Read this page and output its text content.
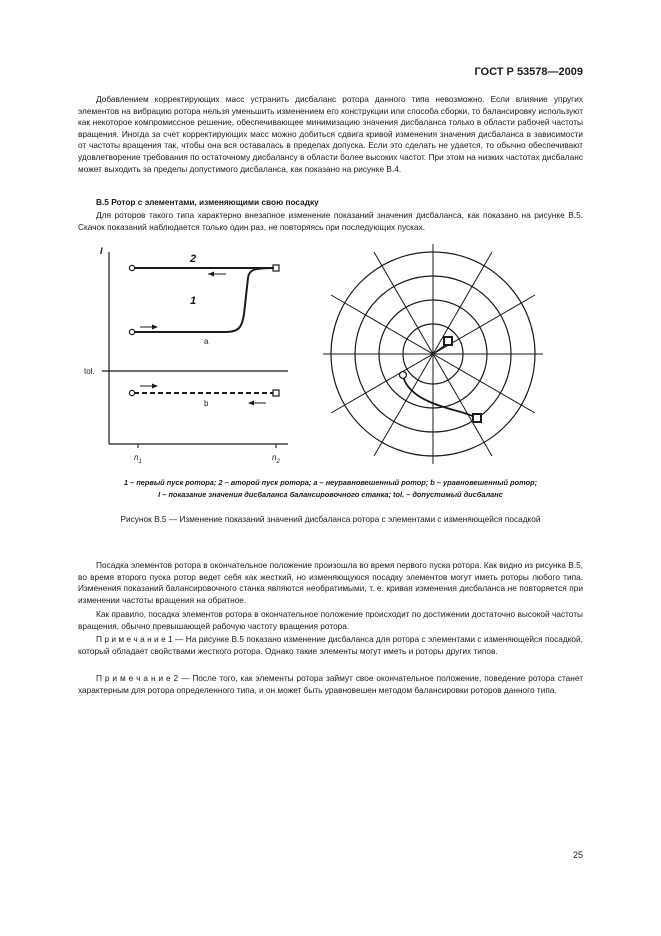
ГОСТ Р 53578—2009

Добавлением корректирующих масс устранить дисбаланс ротора данного типа невозможно. Если влияние упругих элементов на вибрацию ротора нельзя уменьшить изменением его конструкции или способа сборки, то балансировку используют как некоторое компромиссное решение, обеспечивающее минимизацию значения дисбаланса только в области рабочей частоты вращения. Иногда за счет корректирующих масс можно добиться сдвига кривой изменения значения дисбаланса в зависимости от частоты вращения так, чтобы она вся оставалась в пределах допуска. Если это сделать не удается, то обычно обеспечивают удовлетворение требования по остаточному дисбалансу в области более высоких частот. При этом на низких частотах дисбаланс может выходить за пределы допустимого дисбаланса, как показано на рисунке В.4.

В.5 Ротор с элементами, изменяющими свою посадку

Для роторов такого типа характерно внезапное изменение показаний значения дисбаланса, как показано на рисунке В.5. Скачок показаний наблюдается только один раз, не повторяясь при последующих пусках.

I
2
1
a
b
tol.
$n_1$	$n_2$
1 – первый пуск ротора; 2 – второй пуск ротора; а – неуравновешенный ротор; b – уравновешенный ротор;
I – показание значения дисбаланса балансировочного станка; tol. – допустимый дисбаланс
Рисунок В.5 — Изменение показаний значений дисбаланса ротора с элементами с изменяющейся посадкой

Посадка элементов ротора в окончательное положение произошла во время первого пуска ротора. Как видно из рисунка В.5, во время второго пуска ротор ведет себя как жесткий, но изменяющуюся посадку элементов могут иметь роторы любого типа. Изменения показаний балансировочного станка являются необратимыми, т. е. кривая изменения дисбаланса не повторяется при изменении частоты вращения на обратное.

Как правило, посадка элементов ротора в окончательное положение происходит по достижении достаточно высокой частоты вращения, обычно превышающей рабочую частоту вращения ротора.

П р и м е ч а н и е 1 — На рисунке В.5 показано изменение дисбаланса для ротора с элементами с изменяющейся посадкой, который обладает свойствами жесткого ротора. Однако такие элементы могут иметь и роторы других типов.

П р и м е ч а н и е 2 — После того, как элементы ротора займут свое окончательное положение, поведение ротора станет характерным для ротора определенного типа, и он может быть уравновешен методом балансировки роторов данного типа.

25
